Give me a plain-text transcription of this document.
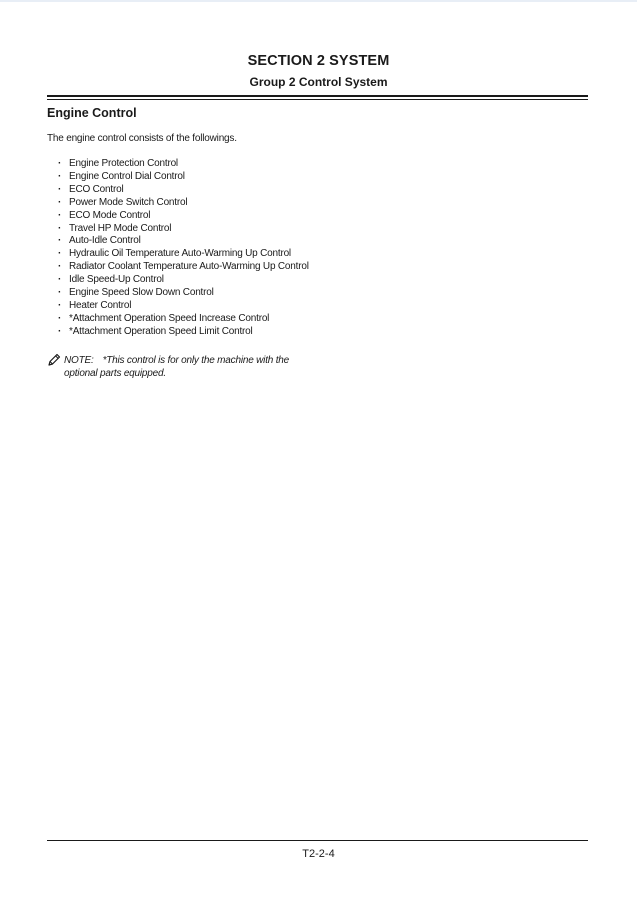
SECTION 2 SYSTEM
Group 2 Control System
Engine Control
The engine control consists of the followings.
· Engine Protection Control
· Engine Control Dial Control
· ECO Control
· Power Mode Switch Control
· ECO Mode Control
· Travel HP Mode Control
· Auto-Idle Control
· Hydraulic Oil Temperature Auto-Warming Up Control
· Radiator Coolant Temperature Auto-Warming Up Control
· Idle Speed-Up Control
· Engine Speed Slow Down Control
· Heater Control
· *Attachment Operation Speed Increase Control
· *Attachment Operation Speed Limit Control
NOTE: *This control is for only the machine with the optional parts equipped.
T2-2-4
